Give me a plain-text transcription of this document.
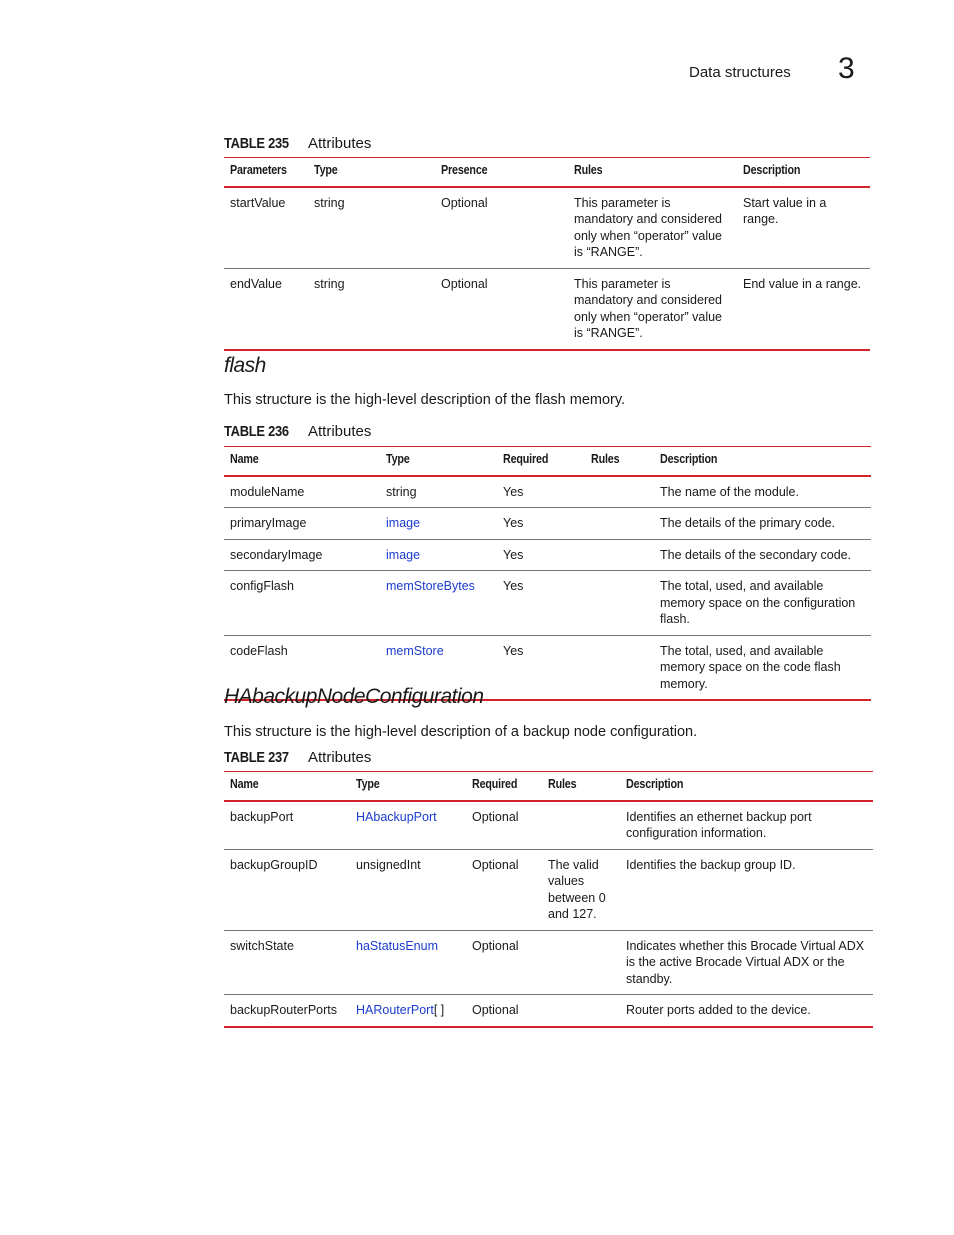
Data structures 3
TABLE 235 Attributes
Parameters	Type	Presence	Rules	Description
startValue	string	Optional	This parameter is mandatory and considered only when “operator” value is “RANGE”.	Start value in a range.
endValue	string	Optional	This parameter is mandatory and considered only when “operator” value is “RANGE”.	End value in a range.
flash

This structure is the high-level description of the flash memory.

TABLE 236 Attributes
Name	Type	Required	Rules	Description
moduleName	string	Yes		The name of the module.
primaryImage	image	Yes		The details of the primary code.
secondaryImage	image	Yes		The details of the secondary code.
configFlash	memStoreBytes	Yes		The total, used, and available memory space on the configuration flash.
codeFlash	memStore	Yes		The total, used, and available memory space on the code flash memory.
HAbackupNodeConfiguration

This structure is the high-level description of a backup node configuration.

TABLE 237 Attributes
Name	Type	Required	Rules	Description
backupPort	HAbackupPort	Optional		Identifies an ethernet backup port configuration information.
backupGroupID	unsignedInt	Optional	The valid values between 0 and 127.	Identifies the backup group ID.
switchState	haStatusEnum	Optional		Indicates whether this Brocade Virtual ADX is the active Brocade Virtual ADX or the standby.
backupRouterPorts	HARouterPort[ ]	Optional		Router ports added to the device.
